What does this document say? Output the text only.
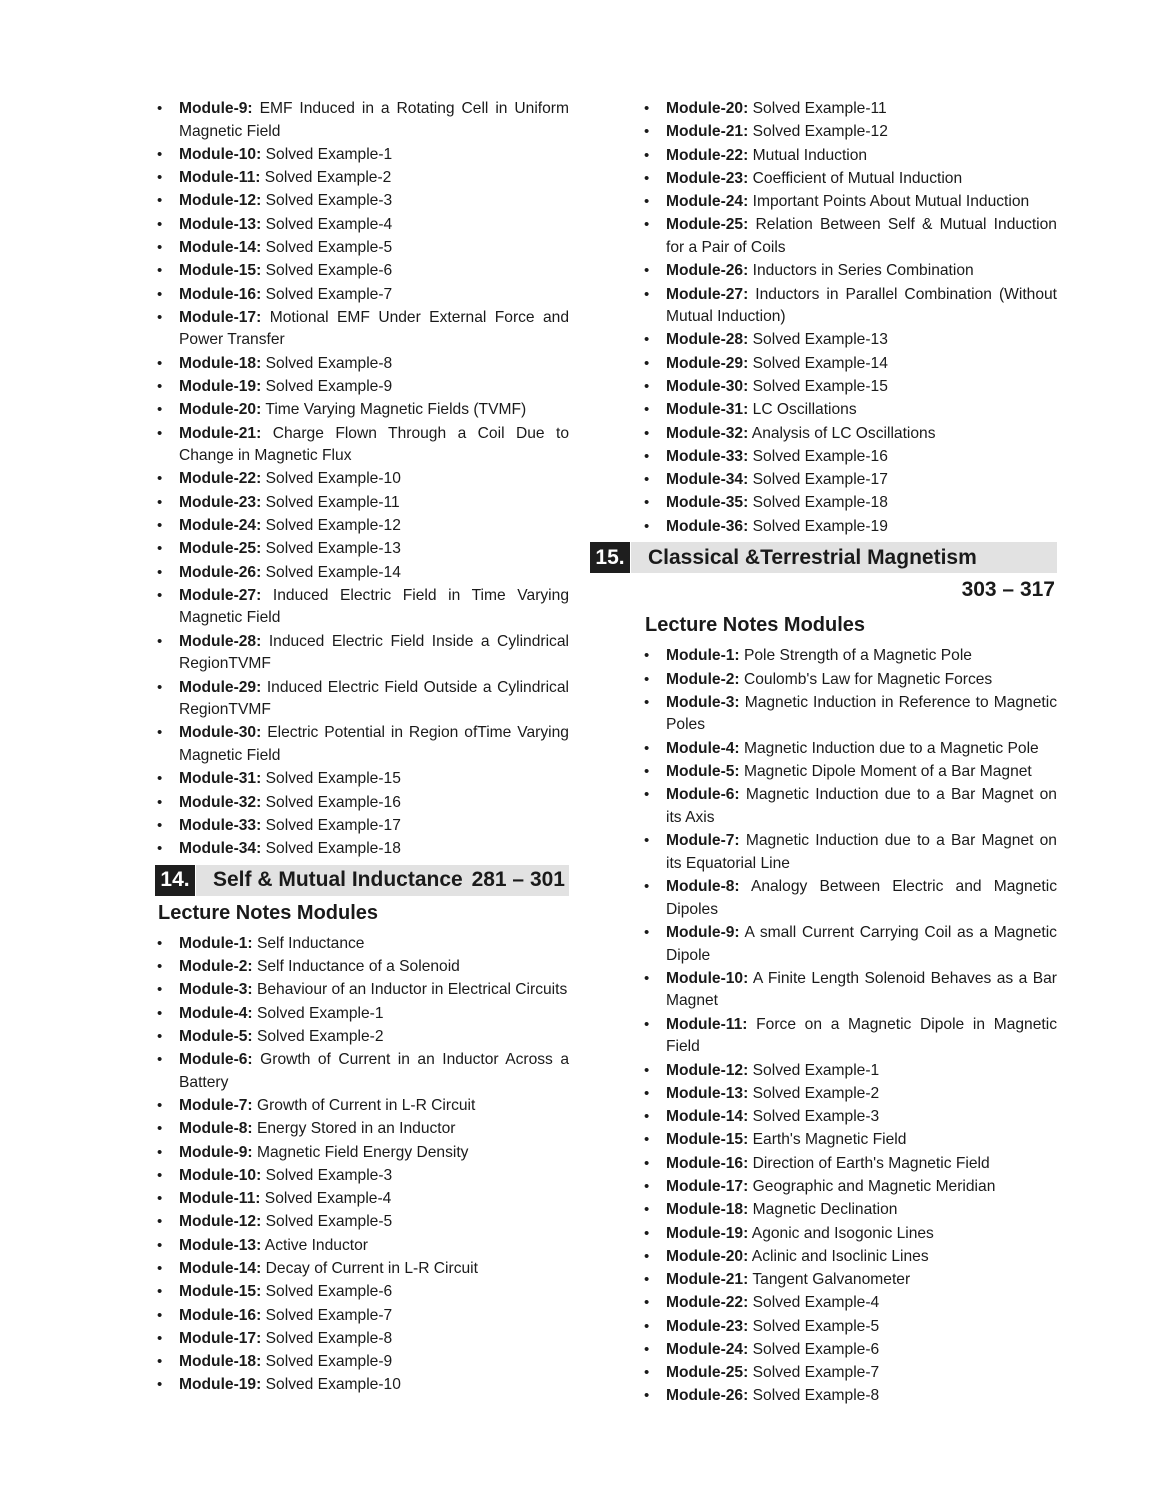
• Module-9: EMF Induced in a Rotating Cell in Uniform Magnetic Field
• Module-10: Solved Example-1
• Module-11: Solved Example-2
• Module-12: Solved Example-3
• Module-13: Solved Example-4
• Module-14: Solved Example-5
• Module-15: Solved Example-6
• Module-16: Solved Example-7
• Module-17: Motional EMF Under External Force and Power Transfer
• Module-18: Solved Example-8
• Module-19: Solved Example-9
• Module-20: Time Varying Magnetic Fields (TVMF)
• Module-21: Charge Flown Through a Coil Due to Change in Magnetic Flux
• Module-22: Solved Example-10
• Module-23: Solved Example-11
• Module-24: Solved Example-12
• Module-25: Solved Example-13
• Module-26: Solved Example-14
• Module-27: Induced Electric Field in Time Varying Magnetic Field
• Module-28: Induced Electric Field Inside a Cylindrical RegionTVMF
• Module-29: Induced Electric Field Outside a Cylindrical RegionTVMF
• Module-30: Electric Potential in Region ofTime Varying Magnetic Field
• Module-31: Solved Example-15
• Module-32: Solved Example-16
• Module-33: Solved Example-17
• Module-34: Solved Example-18
14. Self & Mutual Inductance 281 – 301
Lecture Notes Modules
• Module-1: Self Inductance
• Module-2: Self Inductance of a Solenoid
• Module-3: Behaviour of an Inductor in Electrical Circuits
• Module-4: Solved Example-1
• Module-5: Solved Example-2
• Module-6: Growth of Current in an Inductor Across a Battery
• Module-7: Growth of Current in L-R Circuit
• Module-8: Energy Stored in an Inductor
• Module-9: Magnetic Field Energy Density
• Module-10: Solved Example-3
• Module-11: Solved Example-4
• Module-12: Solved Example-5
• Module-13: Active Inductor
• Module-14: Decay of Current in L-R Circuit
• Module-15: Solved Example-6
• Module-16: Solved Example-7
• Module-17: Solved Example-8
• Module-18: Solved Example-9
• Module-19: Solved Example-10
• Module-20: Solved Example-11
• Module-21: Solved Example-12
• Module-22: Mutual Induction
• Module-23: Coefficient of Mutual Induction
• Module-24: Important Points About Mutual Induction
• Module-25: Relation Between Self & Mutual Induction for a Pair of Coils
• Module-26: Inductors in Series Combination
• Module-27: Inductors in Parallel Combination (Without Mutual Induction)
• Module-28: Solved Example-13
• Module-29: Solved Example-14
• Module-30: Solved Example-15
• Module-31: LC Oscillations
• Module-32: Analysis of LC Oscillations
• Module-33: Solved Example-16
• Module-34: Solved Example-17
• Module-35: Solved Example-18
• Module-36: Solved Example-19
15. Classical &Terrestrial Magnetism
303 – 317
Lecture Notes Modules
• Module-1: Pole Strength of a Magnetic Pole
• Module-2: Coulomb's Law for Magnetic Forces
• Module-3: Magnetic Induction in Reference to Magnetic Poles
• Module-4: Magnetic Induction due to a Magnetic Pole
• Module-5: Magnetic Dipole Moment of a Bar Magnet
• Module-6: Magnetic Induction due to a Bar Magnet on its Axis
• Module-7: Magnetic Induction due to a Bar Magnet on its Equatorial Line
• Module-8: Analogy Between Electric and Magnetic Dipoles
• Module-9: A small Current Carrying Coil as a Magnetic Dipole
• Module-10: A Finite Length Solenoid Behaves as a Bar Magnet
• Module-11: Force on a Magnetic Dipole in Magnetic Field
• Module-12: Solved Example-1
• Module-13: Solved Example-2
• Module-14: Solved Example-3
• Module-15: Earth's Magnetic Field
• Module-16: Direction of Earth's Magnetic Field
• Module-17: Geographic and Magnetic Meridian
• Module-18: Magnetic Declination
• Module-19: Agonic and Isogonic Lines
• Module-20: Aclinic and Isoclinic Lines
• Module-21: Tangent Galvanometer
• Module-22: Solved Example-4
• Module-23: Solved Example-5
• Module-24: Solved Example-6
• Module-25: Solved Example-7
• Module-26: Solved Example-8
